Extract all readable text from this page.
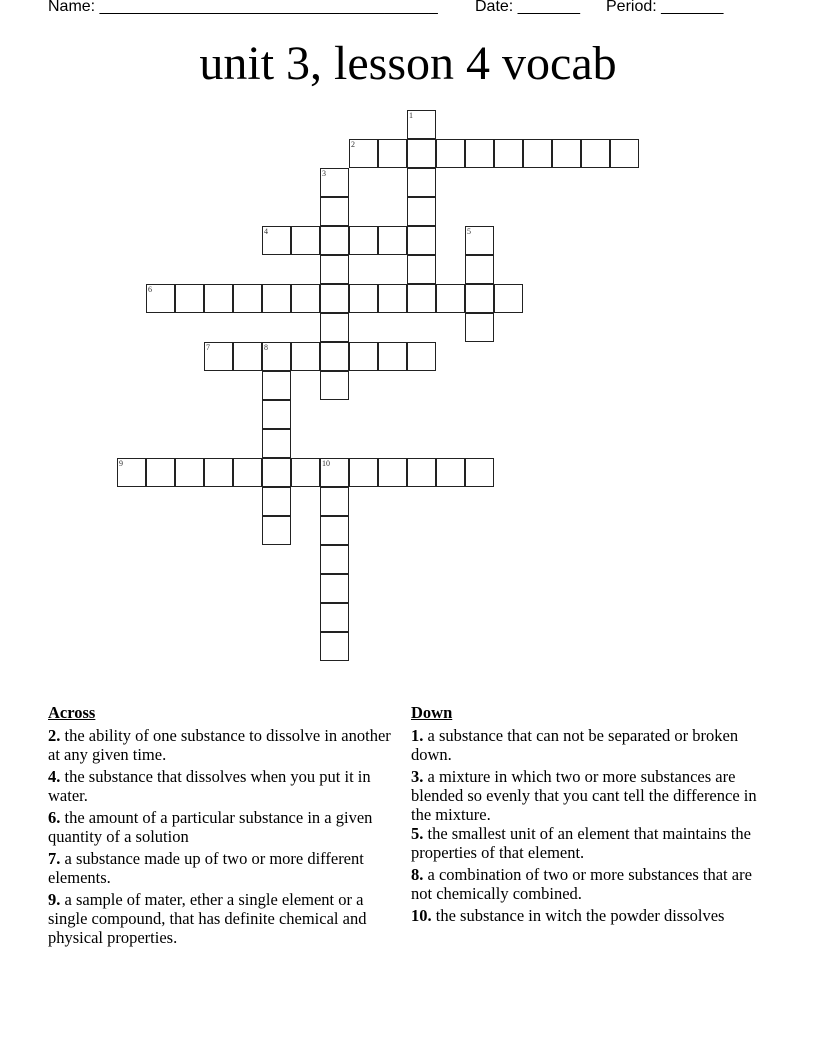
Name: ______________________________________ Date: _______ Period: _______
unit 3, lesson 4 vocab
1
2
3
4	5
6
7	8
9	10
Across
2. the ability of one substance to dissolve in another at any given time.
4. the substance that dissolves when you put it in water.
6. the amount of a particular substance in a given quantity of a solution
7. a substance made up of two or more different elements.
9. a sample of mater, ether a single element or a single compound, that has definite chemical and physical properties.
Down
1. a substance that can not be separated or broken down.
3. a mixture in which two or more substances are blended so evenly that you cant tell the difference in the mixture.
5. the smallest unit of an element that maintains the properties of that element.
8. a combination of two or more substances that are not chemically combined.
10. the substance in witch the powder dissolves
